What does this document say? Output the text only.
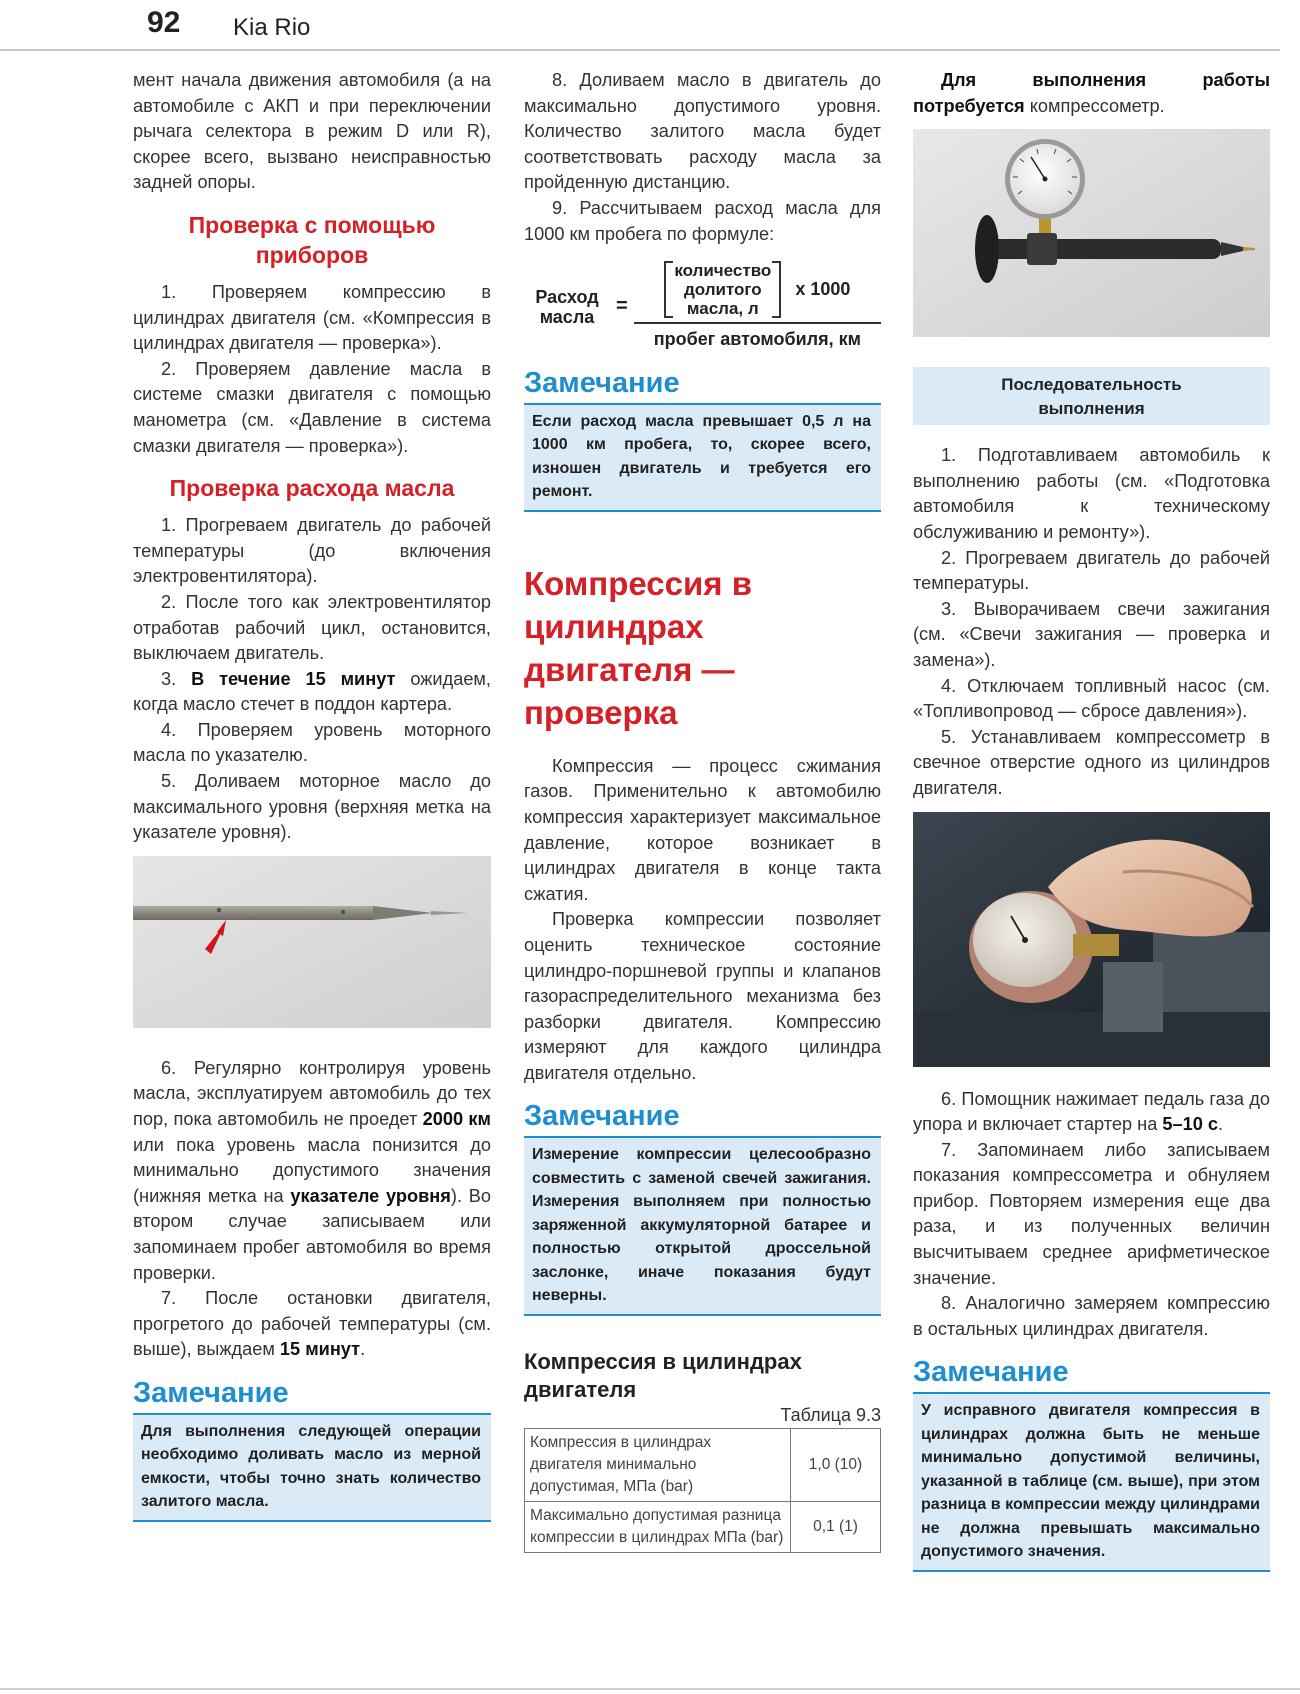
92 Kia Rio

мент начала движения автомобиля (а на автомобиле с АКП и при переключении рычага селектора в режим D или R), скорее всего, вызвано неисправностью задней опоры.

Проверка с помощью приборов

1. Проверяем компрессию в цилиндрах двигателя (см. «Компрессия в цилиндрах двигателя — проверка»).

2. Проверяем давление масла в системе смазки двигателя с помощью манометра (см. «Давление в система смазки двигателя — проверка»).

Проверка расхода масла

1. Прогреваем двигатель до рабочей температуры (до включения электровентилятора).

2. После того как электровентилятор отработав рабочий цикл, остановится, выключаем двигатель.

3. В течение 15 минут ожидаем, когда масло стечет в поддон картера.

4. Проверяем уровень моторного масла по указателю.

5. Доливаем моторное масло до максимального уровня (верхняя метка на указателе уровня).

6. Регулярно контролируя уровень масла, эксплуатируем автомобиль до тех пор, пока автомобиль не проедет 2000 км или пока уровень масла понизится до минимально допустимого значения (нижняя метка на указателе уровня). Во втором случае записываем или запоминаем пробег автомобиля во время проверки.

7. После остановки двигателя, прогретого до рабочей температуры (см. выше), выждаем 15 минут.

Замечание
Для выполнения следующей операции необходимо доливать масло из мерной емкости, чтобы точно знать количество залитого масла.

8. Доливаем масло в двигатель до максимально допустимого уровня. Количество залитого масла будет соответствовать расходу масла за пройденную дистанцию.

9. Рассчитываем расход масла для 1000 км пробега по формуле:

Расход
масла	=
количество
долитого
масла, л
x 1000
пробег автомобиля, км
Замечание
Если расход масла превышает 0,5 л на 1000 км пробега, то, скорее всего, изношен двигатель и требуется его ремонт.
Компрессия в цилиндрах двигателя — проверка

Компрессия — процесс сжимания газов. Применительно к автомобилю компрессия характеризует максимальное давление, которое возникает в цилиндрах двигателя в конце такта сжатия.

Проверка компрессии позволяет оценить техническое состояние цилиндро-поршневой группы и клапанов газораспределительного механизма без разборки двигателя. Компрессию измеряют для каждого цилиндра двигателя отдельно.

Замечание
Измерение компрессии целесообразно совместить с заменой свечей зажигания. Измерения выполняем при полностью заряженной аккумуляторной батарее и полностью открытой дроссельной заслонке, иначе показания будут неверны.
Компрессия в цилиндрах двигателя
Таблица 9.3
Компрессия в цилиндрах двигателя минимально допустимая, МПа (bar)	1,0 (10)
Максимально допустимая разница компрессии в цилиндрах МПа (bar)	0,1 (1)

Для выполнения работы потребуется компрессометр.

Последовательность выполнения

1. Подготавливаем автомобиль к выполнению работы (см. «Подготовка автомобиля к техническому обслуживанию и ремонту»).

2. Прогреваем двигатель до рабочей температуры.

3. Выворачиваем свечи зажигания (см. «Свечи зажигания — проверка и замена»).

4. Отключаем топливный насос (см. «Топливопровод — сбросе давления»).

5. Устанавливаем компрессометр в свечное отверстие одного из цилиндров двигателя.

6. Помощник нажимает педаль газа до упора и включает стартер на 5–10 с.

7. Запоминаем либо записываем показания компрессометра и обнуляем прибор. Повторяем измерения еще два раза, и из полученных величин высчитываем среднее арифметическое значение.

8. Аналогично замеряем компрессию в остальных цилиндрах двигателя.

Замечание
У исправного двигателя компрессия в цилиндрах должна быть не меньше минимально допустимой величины, указанной в таблице (см. выше), при этом разница в компрессии между цилиндрами не должна превышать максимально допустимого значения.
